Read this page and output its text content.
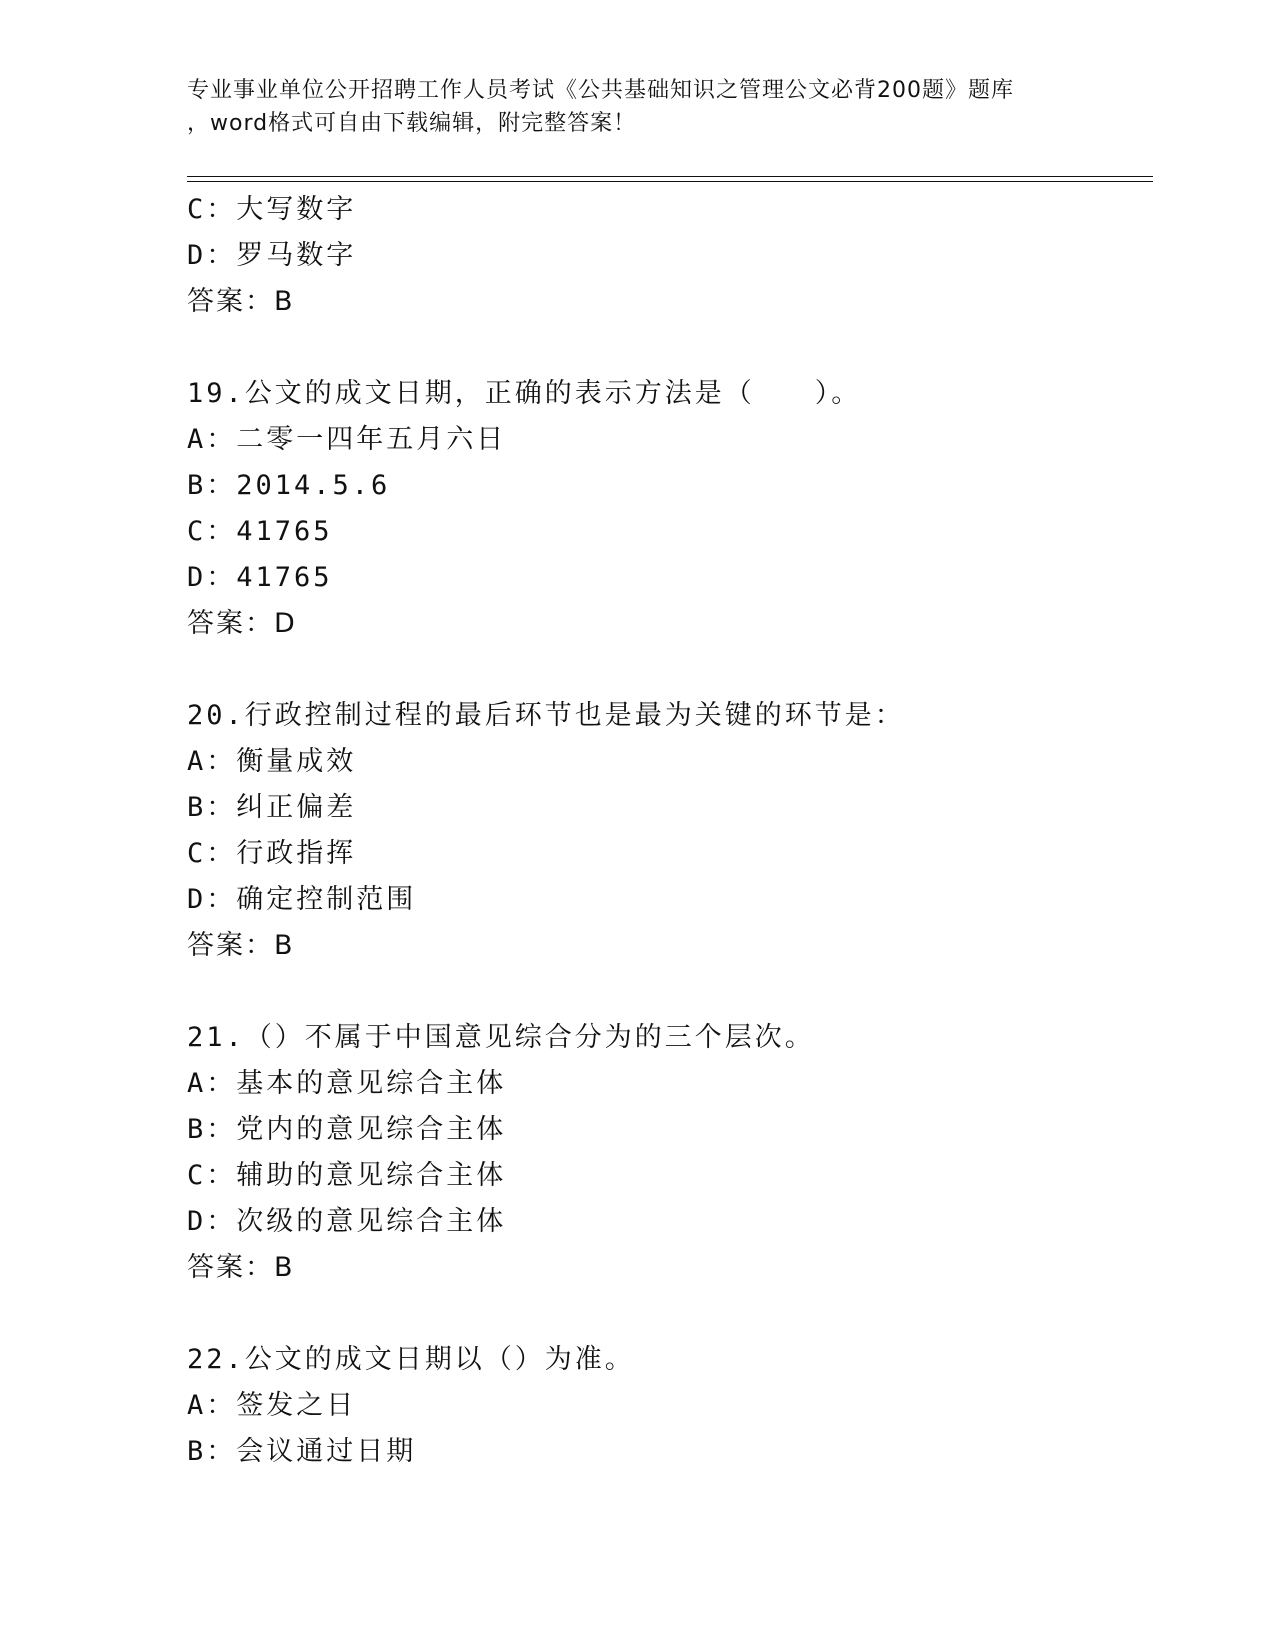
专业事业单位公开招聘工作人员考试《公共基础知识之管理公文必背200题》题库
，word格式可自由下载编辑，附完整答案！
C：大写数字
D：罗马数字
答案：B
19.公文的成文日期，正确的表示方法是（　　）。
A：二零一四年五月六日
B：2014.5.6
C：41765
D：41765
答案：D
20.行政控制过程的最后环节也是最为关键的环节是：
A：衡量成效
B：纠正偏差
C：行政指挥
D：确定控制范围
答案：B
21.（）不属于中国意见综合分为的三个层次。
A：基本的意见综合主体
B：党内的意见综合主体
C：辅助的意见综合主体
D：次级的意见综合主体
答案：B
22.公文的成文日期以（）为准。
A：签发之日
B：会议通过日期
